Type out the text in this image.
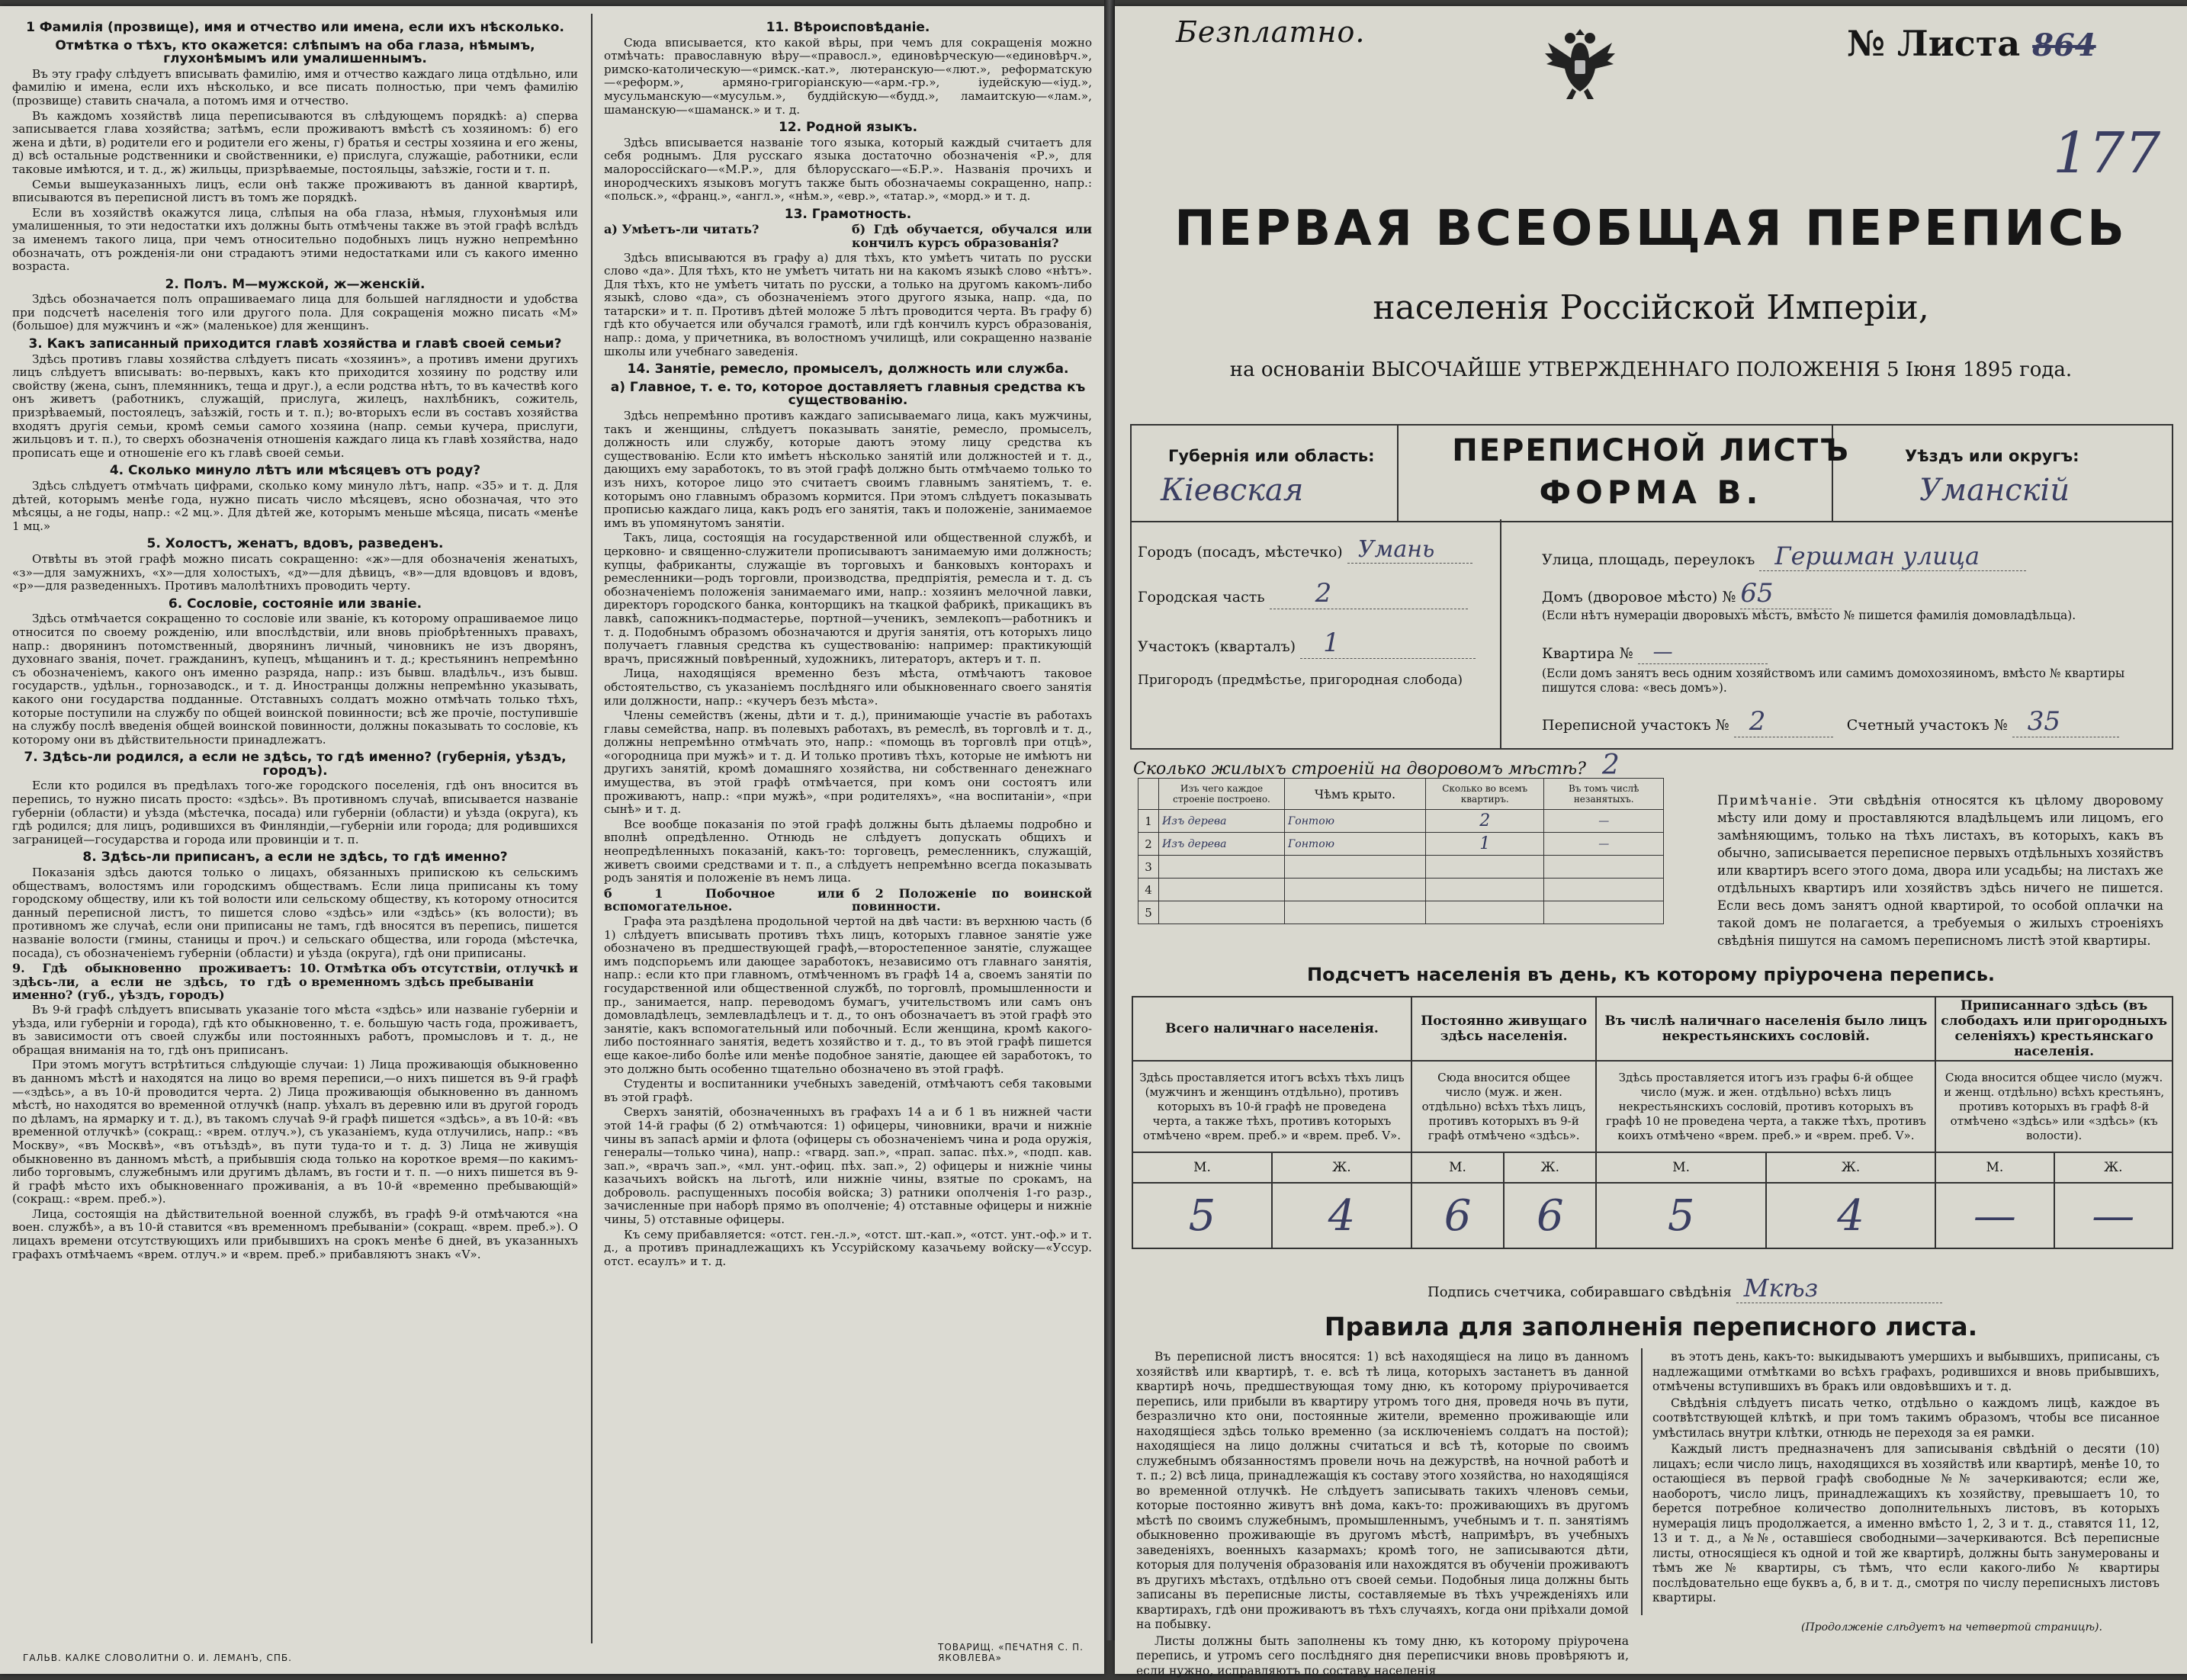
1 Фамилія (прозвище), имя и отчество или имена, если ихъ нѣсколько.
Отмѣтка о тѣхъ, кто окажется: слѣпымъ на оба глаза, нѣмымъ, глухонѣмымъ или умалишеннымъ.

Въ эту графу слѣдуетъ вписывать фамилію, имя и отчество каждаго лица отдѣльно, или фамилію и имена, если ихъ нѣсколько, и все писать полностью, при чемъ фамилію (прозвище) ставить сначала, а потомъ имя и отчество.

Въ каждомъ хозяйствѣ лица переписываются въ слѣдующемъ порядкѣ: а) сперва записывается глава хозяйства; затѣмъ, если проживаютъ вмѣстѣ съ хозяиномъ: б) его жена и дѣти, в) родители его и родители его жены, г) братья и сестры хозяина и его жены, д) всѣ остальные родственники и свойственники, е) прислуга, служащіе, работники, если таковые имѣются, и т. д., ж) жильцы, призрѣваемые, постояльцы, заѣзжіе, гости и т. п.

Семьи вышеуказанныхъ лицъ, если онѣ также проживаютъ въ данной квартирѣ, вписываются въ переписной листъ въ томъ же порядкѣ.

Если въ хозяйствѣ окажутся лица, слѣпыя на оба глаза, нѣмыя, глухонѣмыя или умалишенныя, то эти недостатки ихъ должны быть отмѣчены также въ этой графѣ вслѣдъ за именемъ такого лица, при чемъ относительно подобныхъ лицъ нужно непремѣнно обозначать, отъ рожденія-ли они страдаютъ этими недостатками или съ какого именно возраста.

2. Полъ. М—мужской, ж—женскій.

Здѣсь обозначается полъ опрашиваемаго лица для большей наглядности и удобства при подсчетѣ населенія того или другого пола. Для сокращенія можно писать «М» (большое) для мужчинъ и «ж» (маленькое) для женщинъ.

3. Какъ записанный приходится главѣ хозяйства и главѣ своей семьи?

Здѣсь противъ главы хозяйства слѣдуетъ писать «хозяинъ», а противъ имени другихъ лицъ слѣдуетъ вписывать: во-первыхъ, какъ кто приходится хозяину по родству или свойству (жена, сынъ, племянникъ, теща и друг.), а если родства нѣтъ, то въ качествѣ кого онъ живетъ (работникъ, служащій, прислуга, жилецъ, нахлѣбникъ, сожитель, призрѣваемый, постоялецъ, заѣзжій, гость и т. п.); во-вторыхъ если въ составъ хозяйства входятъ другія семьи, кромѣ семьи самого хозяина (напр. семьи кучера, прислуги, жильцовъ и т. п.), то сверхъ обозначенія отношенія каждаго лица къ главѣ хозяйства, надо прописать еще и отношеніе его къ главѣ своей семьи.

4. Сколько минуло лѣтъ или мѣсяцевъ отъ роду?

Здѣсь слѣдуетъ отмѣчать цифрами, сколько кому минуло лѣтъ, напр. «35» и т. д. Для дѣтей, которымъ менѣе года, нужно писать число мѣсяцевъ, ясно обозначая, что это мѣсяцы, а не годы, напр.: «2 мц.». Для дѣтей же, которымъ меньше мѣсяца, писать «менѣе 1 мц.»

5. Холостъ, женатъ, вдовъ, разведенъ.

Отвѣты въ этой графѣ можно писать сокращенно: «ж»—для обозначенія женатыхъ, «з»—для замужнихъ, «х»—для холостыхъ, «д»—для дѣвицъ, «в»—для вдовцовъ и вдовъ, «р»—для разведенныхъ. Противъ малолѣтнихъ проводить черту.

6. Сословіе, состояніе или званіе.

Здѣсь отмѣчается сокращенно то сословіе или званіе, къ которому опрашиваемое лицо относится по своему рожденію, или впослѣдствіи, или вновь пріобрѣтенныхъ правахъ, напр.: дворянинъ потомственный, дворянинъ личный, чиновникъ не изъ дворянъ, духовнаго званія, почет. гражданинъ, купецъ, мѣщанинъ и т. д.; крестьянинъ непремѣнно съ обозначеніемъ, какого онъ именно разряда, напр.: изъ бывш. владѣльч., изъ бывш. государств., удѣльн., горнозаводск., и т. д. Иностранцы должны непремѣнно указывать, какого они государства подданные. Отставныхъ солдатъ можно отмѣчать только тѣхъ, которые поступили на службу по общей воинской повинности; всѣ же прочіе, поступившіе на службу послѣ введенія общей воинской повинности, должны показывать то сословіе, къ которому они въ дѣйствительности принадлежатъ.

7. Здѣсь-ли родился, а если не здѣсь, то гдѣ именно? (губернія, уѣздъ, городъ).

Если кто родился въ предѣлахъ того-же городского поселенія, гдѣ онъ вносится въ перепись, то нужно писать просто: «здѣсь». Въ противномъ случаѣ, вписывается названіе губерніи (области) и уѣзда (мѣстечка, посада) или губерніи (области) и уѣзда (округа), къ гдѣ родился; для лицъ, родившихся въ Финляндіи,—губерніи или города; для родившихся заграницей—государства и города или провинціи и т. п.

8. Здѣсь-ли приписанъ, а если не здѣсь, то гдѣ именно?

Показанія здѣсь даются только о лицахъ, обязанныхъ припискою къ сельскимъ обществамъ, волостямъ или городскимъ обществамъ. Если лица приписаны къ тому городскому обществу, или къ той волости или сельскому обществу, къ которому относится данный переписной листъ, то пишется слово «здѣсь» или «здѣсь» (къ волости); въ противномъ же случаѣ, если они приписаны не тамъ, гдѣ вносятся въ перепись, пишется названіе волости (гмины, станицы и проч.) и сельскаго общества, или города (мѣстечка, посада), съ обозначеніемъ губерніи (области) и уѣзда (округа), гдѣ они приписаны.

9. Гдѣ обыкновенно проживаетъ: здѣсь-ли, а если не здѣсь, то гдѣ именно? (губ., уѣздъ, городъ)
10. Отмѣтка объ отсутствіи, отлучкѣ и о временномъ здѣсь пребываніи

Въ 9-й графѣ слѣдуетъ вписывать указаніе того мѣста «здѣсь» или названіе губерніи и уѣзда, или губерніи и города), гдѣ кто обыкновенно, т. е. большую часть года, проживаетъ, въ зависимости отъ своей службы или постоянныхъ работъ, промысловъ и т. д., не обращая вниманія на то, гдѣ онъ приписанъ.

При этомъ могутъ встрѣтиться слѣдующіе случаи: 1) Лица проживающія обыкновенно въ данномъ мѣстѣ и находятся на лицо во время переписи,—о нихъ пишется въ 9-й графѣ—«здѣсь», а въ 10-й проводится черта. 2) Лица проживающія обыкновенно въ данномъ мѣстѣ, но находятся во временной отлучкѣ (напр. уѣхалъ въ деревню или въ другой городъ по дѣламъ, на ярмарку и т. д.), въ такомъ случаѣ 9-й графѣ пишется «здѣсь», а въ 10-й: «въ временной отлучкѣ» (сокращ.: «врем. отлуч.»), съ указаніемъ, куда отлучились, напр.: «въ Москву», «въ Москвѣ», «въ отъѣздѣ», въ пути туда-то и т. д. 3) Лица не живущія обыкновенно въ данномъ мѣстѣ, а прибывшія сюда только на короткое время—по какимъ-либо торговымъ, служебнымъ или другимъ дѣламъ, въ гости и т. п. —о нихъ пишется въ 9-й графѣ мѣсто ихъ обыкновеннаго проживанія, а въ 10-й «временно пребывающій» (сокращ.: «врем. преб.»).

Лица, состоящія на дѣйствительной военной службѣ, въ графѣ 9-й отмѣчаются «на воен. службѣ», а въ 10-й ставится «въ временномъ пребываніи» (сокращ. «врем. преб.»). О лицахъ времени отсутствующихъ или прибывшихъ на срокъ менѣе 6 дней, въ указанныхъ графахъ отмѣчаемъ «врем. отлуч.» и «врем. преб.» прибавляютъ знакъ «V».

11. Вѣроисповѣданіе.

Сюда вписывается, кто какой вѣры, при чемъ для сокращенія можно отмѣчать: православную вѣру—«правосл.», единовѣрческую—«единовѣрч.», римско-католическую—«римск.-кат.», лютеранскую—«лют.», реформатскую—«реформ.», армяно-григоріанскую—«арм.-гр.», іудейскую—«іуд.», мусульманскую—«мусульм.», буддійскую—«будд.», ламаитскую—«лам.», шаманскую—«шаманск.» и т. д.

12. Родной языкъ.

Здѣсь вписывается названіе того языка, который каждый считаетъ для себя роднымъ. Для русскаго языка достаточно обозначенія «Р.», для малороссійскаго—«М.Р.», для бѣлорусскаго—«Б.Р.». Названія прочихъ и инородческихъ языковъ могутъ также быть обозначаемы сокращенно, напр.: «польск.», «франц.», «англ.», «нѣм.», «евр.», «татар.», «морд.» и т. д.

13. Грамотность.
а) Умѣетъ-ли читать?	б) Гдѣ обучается, обучался или кончилъ курсъ образованія?

Здѣсь вписываются въ графу а) для тѣхъ, кто умѣетъ читать по русски слово «да». Для тѣхъ, кто не умѣетъ читать ни на какомъ языкѣ слово «нѣтъ». Для тѣхъ, кто не умѣетъ читать по русски, а только на другомъ какомъ-либо языкѣ, слово «да», съ обозначеніемъ этого другого языка, напр. «да, по татарски» и т. п. Противъ дѣтей моложе 5 лѣтъ проводится черта. Въ графу б) гдѣ кто обучается или обучался грамотѣ, или гдѣ кончилъ курсъ образованія, напр.: дома, у причетника, въ волостномъ училищѣ, или сокращенно названіе школы или учебнаго заведенія.

14. Занятіе, ремесло, промыселъ, должность или служба.
а) Главное, т. е. то, которое доставляетъ главныя средства къ существованію.

Здѣсь непремѣнно противъ каждаго записываемаго лица, какъ мужчины, такъ и женщины, слѣдуетъ показывать занятіе, ремесло, промыселъ, должность или службу, которые даютъ этому лицу средства къ существованію. Если кто имѣетъ нѣсколько занятій или должностей и т. д., дающихъ ему заработокъ, то въ этой графѣ должно быть отмѣчаемо только то изъ нихъ, которое лицо это считаетъ своимъ главнымъ занятіемъ, т. е. которымъ оно главнымъ образомъ кормится. При этомъ слѣдуетъ показывать прописью каждаго лица, какъ родъ его занятія, такъ и положеніе, занимаемое имъ въ упомянутомъ занятіи.

Такъ, лица, состоящія на государственной или общественной службѣ, и церковно- и священно-служители прописываютъ занимаемую ими должность; купцы, фабриканты, служащіе въ торговыхъ и банковыхъ конторахъ и ремесленники—родъ торговли, производства, предпріятія, ремесла и т. д. съ обозначеніемъ положенія занимаемаго ими, напр.: хозяинъ мелочной лавки, директоръ городского банка, конторщикъ на ткацкой фабрикѣ, прикащикъ въ лавкѣ, сапожникъ-подмастерье, портной—ученикъ, землекопъ—работникъ и т. д. Подобнымъ образомъ обозначаются и другія занятія, отъ которыхъ лицо получаетъ главныя средства къ существованію: например: практикующій врачъ, присяжный повѣренный, художникъ, литераторъ, актеръ и т. п.

Лица, находящіяся временно безъ мѣста, отмѣчаютъ таковое обстоятельство, съ указаніемъ послѣдняго или обыкновеннаго своего занятія или должности, напр.: «кучеръ безъ мѣста».

Члены семействъ (жены, дѣти и т. д.), принимающіе участіе въ работахъ главы семейства, напр. въ полевыхъ работахъ, въ ремеслѣ, въ торговлѣ и т. д., должны непремѣнно отмѣчать это, напр.: «помощь въ торговлѣ при отцѣ», «огородница при мужѣ» и т. д. И только противъ тѣхъ, которые не имѣютъ ни другихъ занятій, кромѣ домашняго хозяйства, ни собственнаго денежнаго имущества, въ этой графѣ отмѣчается, при комъ они состоятъ или проживаютъ, напр.: «при мужѣ», «при родителяхъ», «на воспитаніи», «при сынѣ» и т. д.

Все вообще показанія по этой графѣ должны быть дѣлаемы подробно и вполнѣ опредѣленно. Отнюдь не слѣдуетъ допускать общихъ и неопредѣленныхъ показаній, какъ-то: торговецъ, ремесленникъ, служащій, живетъ своими средствами и т. п., а слѣдуетъ непремѣнно всегда показывать родъ занятія и положеніе въ немъ лица.

б 1 Побочное или вспомогательное.
б 2 Положеніе по воинской повинности.

Графа эта раздѣлена продольной чертой на двѣ части: въ верхнюю часть (б 1) слѣдуетъ вписывать противъ тѣхъ лицъ, которыхъ главное занятіе уже обозначено въ предшествующей графѣ,—второстепенное занятіе, служащее имъ подспорьемъ или дающее заработокъ, независимо отъ главнаго занятія, напр.: если кто при главномъ, отмѣченномъ въ графѣ 14 а, своемъ занятіи по государственной или общественной службѣ, по торговлѣ, промышленности и пр., занимается, напр. переводомъ бумагъ, учительствомъ или самъ онъ домовладѣлецъ, землевладѣлецъ и т. д., то онъ обозначаетъ въ этой графѣ это занятіе, какъ вспомогательный или побочный. Если женщина, кромѣ какого-либо постояннаго занятія, ведетъ хозяйство и т. д., то въ этой графѣ пишется еще какое-либо болѣе или менѣе подобное занятіе, дающее ей заработокъ, то это должно быть особенно тщательно обозначено въ этой графѣ.

Студенты и воспитанники учебныхъ заведеній, отмѣчаютъ себя таковыми въ этой графѣ.

Сверхъ занятій, обозначенныхъ въ графахъ 14 а и б 1 въ нижней части этой 14-й графы (б 2) отмѣчаются: 1) офицеры, чиновники, врачи и нижніе чины въ запасѣ арміи и флота (офицеры съ обозначеніемъ чина и рода оружія, генералы—только чина), напр.: «гвард. зап.», «прап. запас. пѣх.», «подп. кав. зап.», «врачъ зап.», «мл. унт.-офиц. пѣх. зап.», 2) офицеры и нижніе чины казачьихъ войскъ на льготѣ, или нижніе чины, взятые по срокамъ, на доброволь. распущенныхъ пособія войска; 3) ратники ополченія 1-го разр., зачисленные при наборѣ прямо въ ополченіе; 4) отставные офицеры и нижніе чины, 5) отставные офицеры.

Къ сему прибавляется: «отст. ген.-л.», «отст. шт.-кап.», «отст. унт.-оф.» и т. д., а противъ принадлежащихъ къ Уссурійскому казачьему войску—«Уссур. отст. есаулъ» и т. д.

ГАЛЬВ. КАЛКЕ СЛОВОЛИТНИ О. И. ЛЕМАНЪ, СПБ.
ТОВАРИЩ. «ПЕЧАТНЯ С. П. ЯКОВЛЕВА»
Безплатно.	№ Листа 864
177
ПЕРВАЯ ВСЕОБЩАЯ ПЕРЕПИСЬ
населенія Россійской Имперіи,
на основаніи ВЫСОЧАЙШЕ УТВЕРЖДЕННАГО ПОЛОЖЕНІЯ 5 Іюня 1895 года.
Губернія или область:
Кіевская
ПЕРЕПИСНОЙ ЛИСТЪ
ФОРМА В.
Уѣздъ или округъ:
Уманскій
Городъ (посадъ, мѣстечко) Умань
Городская часть 2
Участокъ (кварталъ) 1
Пригородъ (предмѣстье, пригородная слобода)
Улица, площадь, переулокъ Гершман улица
Домъ (дворовое мѣсто) № 65
(Если нѣтъ нумераціи дворовыхъ мѣстъ, вмѣсто № пишется фамилія домовладѣльца).
Квартира № —
(Если домъ занятъ весь одним хозяйствомъ или самимъ домохозяиномъ, вмѣсто № квартиры пишутся слова: «весь домъ»).
Переписной участокъ № 2	Счетный участокъ № 35
Сколько жилыхъ строеній на дворовомъ мѣстѣ? 2
	Изъ чего каждое строеніе построено.	Чѣмъ крыто.	Сколько во всемъ квартиръ.	Въ томъ числѣ незанятыхъ.
1	Изъ дерева	Гонтою	2	—
2	Изъ дерева	Гонтою	1	—
3				
4				
5				
Примѣчаніе. Эти свѣдѣнія относятся къ цѣлому дворовому мѣсту или дому и проставляются владѣльцемъ или лицомъ, его замѣняющимъ, только на тѣхъ листахъ, въ которыхъ, какъ въ обычно, записывается переписное первыхъ отдѣльныхъ хозяйствъ или квартиръ всего этого дома, двора или усадьбы; на листахъ же отдѣльныхъ квартиръ или хозяйствъ здѣсь ничего не пишется. Если весь домъ занятъ одной квартирой, то особой оплачки на такой домъ не полагается, а требуемыя о жилыхъ строеніяхъ свѣдѣнія пишутся на самомъ переписномъ листѣ этой квартиры.
Подсчетъ населенія въ день, къ которому пріурочена перепись.
Всего наличнаго населенія.		Постоянно живущаго здѣсь населенія.		Въ числѣ наличнаго населенія было лицъ некрестьянскихъ сословій.		Приписаннаго здѣсь (въ слободахъ или пригородныхъ селеніяхъ) крестьянскаго населенія.	
Здѣсь проставляется итогъ всѣхъ тѣхъ лицъ (мужчинъ и женщинъ отдѣльно), противъ которыхъ въ 10-й графѣ не проведена черта, а также тѣхъ, противъ которыхъ отмѣчено «врем. преб.» и «врем. преб. V».		Сюда вносится общее число (муж. и жен. отдѣльно) всѣхъ тѣхъ лицъ, противъ которыхъ въ 9-й графѣ отмѣчено «здѣсь».		Здѣсь проставляется итогъ изъ графы 6-й общее число (муж. и жен. отдѣльно) всѣхъ лицъ некрестьянскихъ сословій, противъ которыхъ въ графѣ 10 не проведена черта, а также тѣхъ, противъ коихъ отмѣчено «врем. преб.» и «врем. преб. V».		Сюда вносится общее число (мужч. и женщ. отдѣльно) всѣхъ крестьянъ, противъ которыхъ въ графѣ 8-й отмѣчено «здѣсь» или «здѣсь» (къ волости).	
М.	Ж.	М.	Ж.	М.	Ж.	М.	Ж.
5	4	6	6	5	4	—	—
Подпись счетчика, собиравшаго свѣдѣнія Мкѣз
Правила для заполненія переписного листа.

Въ переписной листъ вносятся: 1) всѣ находящіеся на лицо въ данномъ хозяйствѣ или квартирѣ, т. е. всѣ тѣ лица, которыхъ застанетъ въ данной квартирѣ ночь, предшествующая тому дню, къ которому пріурочивается перепись, или прибыли въ квартиру утромъ того дня, проведя ночь въ пути, безразлично кто они, постоянные жители, временно проживающіе или находящіеся здѣсь только временно (за исключеніемъ солдатъ на постой); находящіеся на лицо должны считаться и всѣ тѣ, которые по своимъ служебнымъ обязанностямъ провели ночь на дежурствѣ, на ночной работѣ и т. п.; 2) всѣ лица, принадлежащія къ составу этого хозяйства, но находящіяся во временной отлучкѣ. Не слѣдуетъ записывать такихъ членовъ семьи, которые постоянно живутъ внѣ дома, какъ-то: проживающихъ въ другомъ мѣстѣ по своимъ служебнымъ, промышленнымъ, учебнымъ и т. п. занятіямъ обыкновенно проживающіе въ другомъ мѣстѣ, напримѣръ, въ учебныхъ заведеніяхъ, военныхъ казармахъ; кромѣ того, не записываются дѣти, которыя для полученія образованія или нахождятся въ обученіи проживаютъ въ другихъ мѣстахъ, отдѣльно отъ своей семьи. Подобныя лица должны быть записаны въ переписные листы, составляемые въ тѣхъ учрежденіяхъ или квартирахъ, гдѣ они проживаютъ въ тѣхъ случаяхъ, когда они пріѣхали домой на побывку.

Листы должны быть заполнены къ тому дню, къ которому пріурочена перепись, и утромъ сего послѣдняго дня переписчики вновь провѣряютъ и, если нужно, исправляютъ по составу населенія

въ этотъ день, какъ-то: выкидываютъ умершихъ и выбывшихъ, приписаны, съ надлежащими отмѣтками во всѣхъ графахъ, родившихся и вновь прибывшихъ, отмѣчены вступившихъ въ бракъ или овдовѣвшихъ и т. д.

Свѣдѣнія слѣдуетъ писать четко, отдѣльно о каждомъ лицѣ, каждое въ соотвѣтствующей клѣткѣ, и при томъ такимъ образомъ, чтобы все писанное умѣстилась внутри клѣтки, отнюдь не переходя за ея рамки.

Каждый листъ предназначенъ для записыванія свѣдѣній о десяти (10) лицахъ; если число лицъ, находящихся въ хозяйствѣ или квартирѣ, менѣе 10, то остающіеся въ первой графѣ свободные №№ зачеркиваются; если же, наоборотъ, число лицъ, принадлежащихъ къ хозяйству, превышаетъ 10, то берется потребное количество дополнительныхъ листовъ, въ которыхъ нумерація лицъ продолжается, а именно вмѣсто 1, 2, 3 и т. д., ставятся 11, 12, 13 и т. д., а №№, оставшіеся свободными—зачеркиваются. Всѣ переписные листы, относящіеся къ одной и той же квартирѣ, должны быть занумерованы и тѣмъ же № квартиры, съ тѣмъ, что если какого-либо № квартиры послѣдовательно еще буквъ а, б, в и т. д., смотря по числу переписныхъ листовъ квартиры.

(Продолженіе слѣдуетъ на четвертой страницѣ).
